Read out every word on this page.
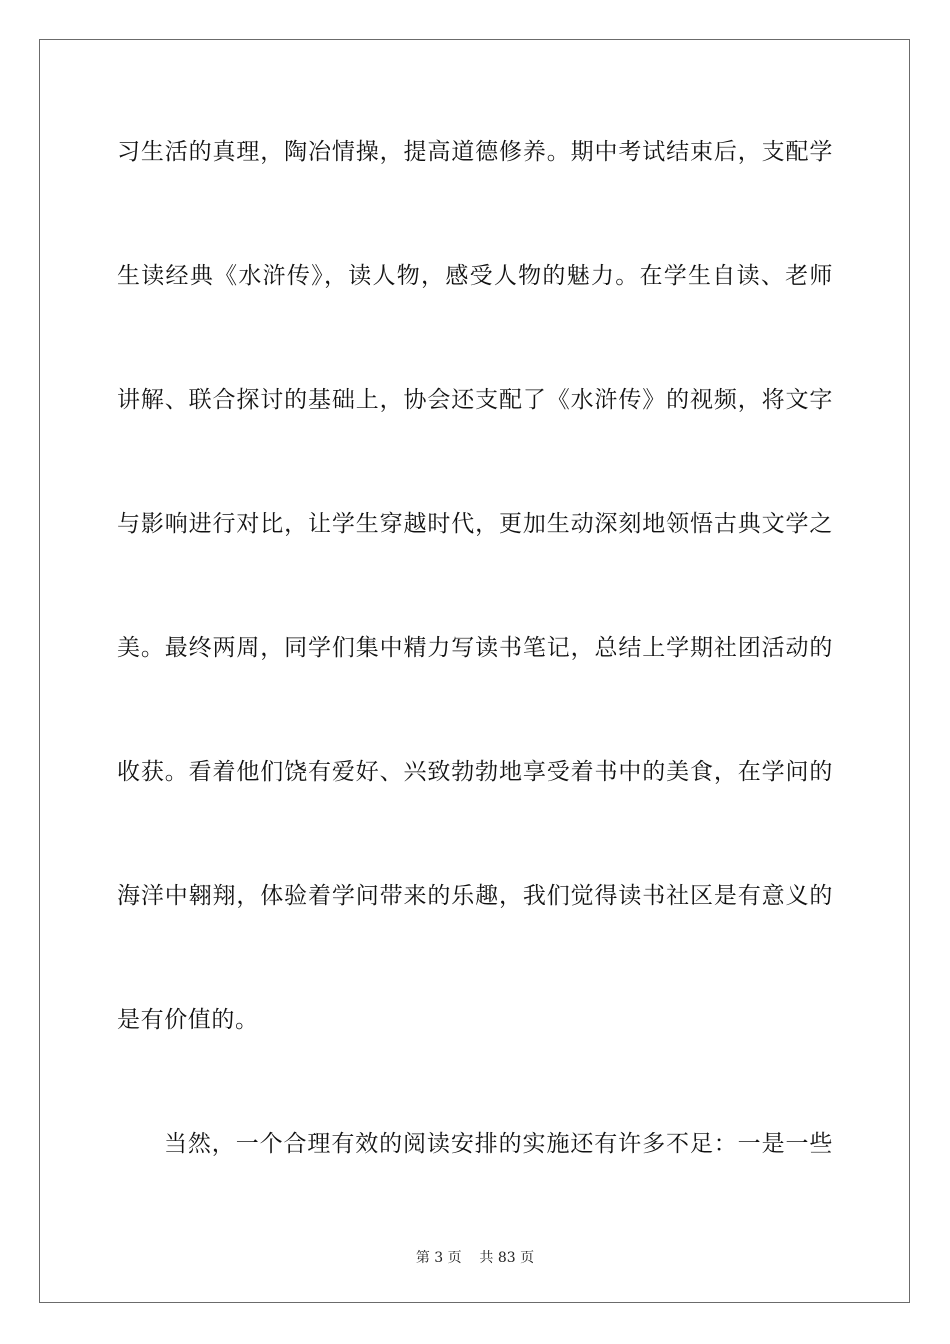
习生活的真理，陶冶情操，提高道德修养。期中考试结束后，支配学
生读经典《水浒传》，读人物，感受人物的魅力。在学生自读、老师
讲解、联合探讨的基础上，协会还支配了《水浒传》的视频，将文字
与影响进行对比，让学生穿越时代，更加生动深刻地领悟古典文学之
美。最终两周，同学们集中精力写读书笔记，总结上学期社团活动的
收获。看着他们饶有爱好、兴致勃勃地享受着书中的美食，在学问的
海洋中翱翔，体验着学问带来的乐趣，我们觉得读书社区是有意义的
是有价值的。
当然，一个合理有效的阅读安排的实施还有许多不足：一是一些
第 3 页    共 83 页
